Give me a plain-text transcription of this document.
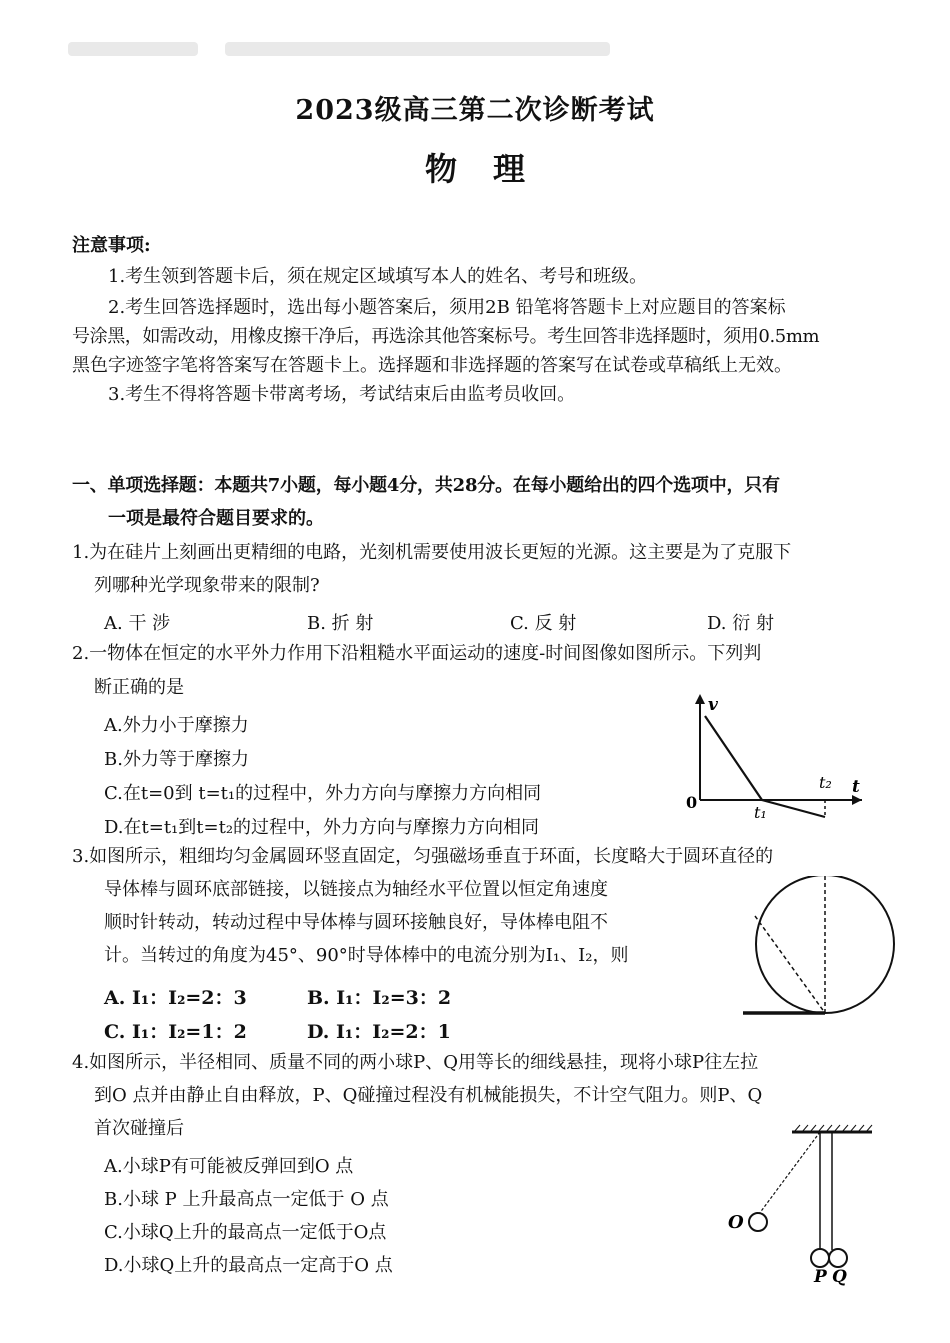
2023级高三第二次诊断考试
物理
注意事项:
1.考生领到答题卡后，须在规定区域填写本人的姓名、考号和班级。
2.考生回答选择题时，选出每小题答案后，须用2B 铅笔将答题卡上对应题目的答案标
号涂黑，如需改动，用橡皮擦干净后，再选涂其他答案标号。考生回答非选择题时，须用0.5mm
黑色字迹签字笔将答案写在答题卡上。选择题和非选择题的答案写在试卷或草稿纸上无效。
3.考生不得将答题卡带离考场，考试结束后由监考员收回。
一、单项选择题：本题共7小题，每小题4分，共28分。在每小题给出的四个选项中，只有
一项是最符合题目要求的。
1.为在硅片上刻画出更精细的电路，光刻机需要使用波长更短的光源。这主要是为了克服下
列哪种光学现象带来的限制?
A. 干 涉	B. 折 射	C. 反 射	D. 衍 射
2.一物体在恒定的水平外力作用下沿粗糙水平面运动的速度-时间图像如图所示。下列判
断正确的是
A.外力小于摩擦力
B.外力等于摩擦力
C.在t=0到 t=t₁的过程中，外力方向与摩擦力方向相同
D.在t=t₁到t=t₂的过程中，外力方向与摩擦力方向相同
v
t
0
t₁
t₂
3.如图所示，粗细均匀金属圆环竖直固定，匀强磁场垂直于环面，长度略大于圆环直径的
导体棒与圆环底部链接，以链接点为轴经水平位置以恒定角速度
顺时针转动，转动过程中导体棒与圆环接触良好，导体棒电阻不
计。当转过的角度为45°、90°时导体棒中的电流分别为I₁、I₂，则
A. I₁：I₂=2：3	B. I₁：I₂=3：2
C. I₁：I₂=1：2	D. I₁：I₂=2：1
4.如图所示，半径相同、质量不同的两小球P、Q用等长的细线悬挂，现将小球P往左拉
到O 点并由静止自由释放，P、Q碰撞过程没有机械能损失，不计空气阻力。则P、Q
首次碰撞后
A.小球P有可能被反弹回到O 点
B.小球 P 上升最高点一定低于 O 点
C.小球Q上升的最高点一定低于O点
D.小球Q上升的最高点一定高于O 点
O
P Q
